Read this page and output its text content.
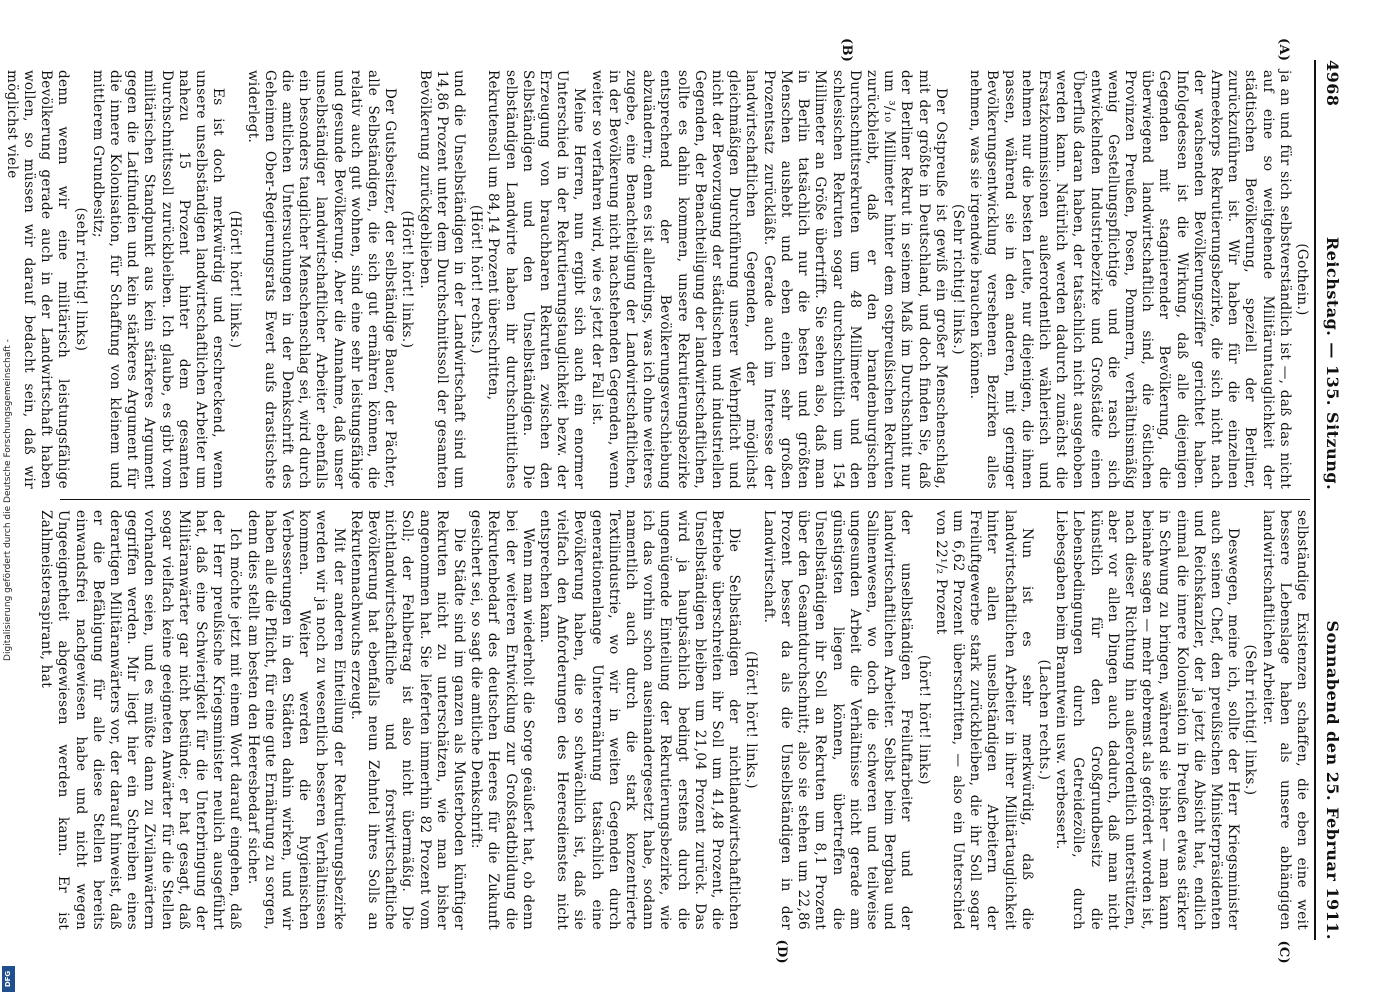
Digitalisierung gefördert durch die Deutsche Forschungsgemeinschaft -
DFG
4968
Reichstag. — 135. Sitzung.
Sonnabend den 25. Februar 1911.
(A)
(B)

(Gothein.)

ja an und für sich selbstverständlich ist —, daß das nicht auf eine so weitgehende Militäruntauglichkeit der städtischen Bevölkerung, speziell der Berliner, zurückzuführen ist. Wir haben für die einzelnen Armeekorps Rekrutierungsbezirke, die sich nicht nach der wachsenden Bevölkerungsziffer gerichtet haben. Infolgedessen ist die Wirkung, daß alle diejenigen Gegenden mit stagnierender Bevölkerung, die überwiegend landwirtschaftlich sind, die östlichen Provinzen Preußen, Posen, Pommern, verhältnismäßig wenig Gestellungspflichtige und die rasch sich entwickelnden Industriebezirke und Großstädte einen Überfluß daran haben, der tatsächlich nicht ausgehoben werden kann. Natürlich werden dadurch zunächst die Ersatzkommissionen außerordentlich wählerisch und nehmen nur die besten Leute, nur diejenigen, die ihnen passen, während sie in den anderen, mit geringer Bevölkerungsentwicklung versehenen Bezirken alles nehmen, was sie irgendwie brauchen können.

(Sehr richtig! links.)

Der Ostpreuße ist gewiß ein großer Menschenschlag, mit der größte in Deutschland, und doch finden Sie, daß der Berliner Rekrut in seinem Maß im Durchschnitt nur um ³/₁₀ Millimeter hinter dem ostpreußischen Rekruten zurückbleibt, daß er den brandenburgischen Durchschnittsrekruten um 48 Millimeter und den schlesischen Rekruten sogar durchschnittlich um 154 Millimeter an Größe übertrifft. Sie sehen also, daß man in Berlin tatsächlich nur die besten und größten Menschen aushebt und eben einen sehr großen Prozentsatz zurückläßt. Gerade auch im Interesse der landwirtschaftlichen Gegenden, der möglichst gleichmäßigen Durchführung unserer Wehrpflicht und nicht der Bevorzugung der städtischen und industriellen Gegenden, der Benachteiligung der landwirtschaftlichen, sollte es dahin kommen, unsere Rekrutierungsbezirke entsprechend der Bevölkerungsverschiebung abzuändern; denn es ist allerdings, was ich ohne weiteres zugebe, eine Benachteiligung der Landwirtschaftlichen, in der Bevölkerung nicht nachstehenden Gegenden, wenn weiter so verfahren wird, wie es jetzt der Fall ist.

Meine Herren, nun ergibt sich auch ein enormer Unterschied in der Rekrutierungstauglichkeit bezw. der Erzeugung von brauchbaren Rekruten zwischen den Selbständigen und den Unselbständigen. Die selbständigen Landwirte haben ihr durchschnittliches Rekrutensoll um 84,14 Prozent überschritten,

(Hört! hört! rechts.)

und die Unselbständigen in der Landwirtschaft sind um 14,86 Prozent unter dem Durchschnittssoll der gesamten Bevölkerung zurückgeblieben.

(Hört! hört! links.)

Der Gutsbesitzer, der selbständige Bauer, der Pächter, alle Selbständigen, die sich gut ernähren können, die relativ auch gut wohnen, sind eine sehr leistungsfähige und gesunde Bevölkerung. Aber die Annahme, daß unser unselbständiger landwirtschaftlicher Arbeiter ebenfalls ein besonders tauglicher Menschenschlag sei, wird durch die amtlichen Untersuchungen in der Denkschrift des Geheimen Ober-Regierungsrats Ewert aufs drastischste widerlegt.

(Hört! hört! links.)

Es ist doch merkwürdig und erschreckend, wenn unsere unselbständigen landwirtschaftlichen Arbeiter um nahezu 15 Prozent hinter dem gesamten Durchschnittssoll zurückbleiben. Ich glaube, es gibt vom militärischen Standpunkt aus kein stärkeres Argument gegen die Latifundien und kein stärkeres Argument für die innere Kolonisation, für Schaffung von kleinem und mittlerem Grundbesitz;

(sehr richtig! links)

denn wenn wir eine militärisch leistungsfähige Bevölkerung gerade auch in der Landwirtschaft haben wollen, so müssen wir darauf bedacht sein, daß wir möglichst viele

(C)
(D)

selbständige Existenzen schaffen, die eben eine weit bessere Lebenslage haben als unsere abhängigen landwirtschaftlichen Arbeiter.

(Sehr richtig! links.)

Deswegen, meine ich, sollte der Herr Kriegsminister auch seinen Chef, den preußischen Ministerpräsidenten und Reichskanzler, der ja jetzt die Absicht hat, endlich einmal die innere Kolonisation in Preußen etwas stärker in Schwung zu bringen, während sie bisher — man kann beinahe sagen — mehr gebremst als gefördert worden ist, nach dieser Richtung hin außerordentlich unterstützen, aber vor allen Dingen auch dadurch, daß man nicht künstlich für den Großgrundbesitz die Lebensbedingungen durch Getreidezölle, durch Liebesgaben beim Branntwein usw. verbessert.

(Lachen rechts.)

Nun ist es sehr merkwürdig, daß die landwirtschaftlichen Arbeiter in ihrer Militärtauglichkeit hinter allen unselbständigen Arbeitern der Freiluftgewerbe stark zurückbleiben, die ihr Soll sogar um 6,62 Prozent überschritten, — also ein Unterschied von 22¹/₂ Prozent

(hört! hört! links)

der unselbständigen Freiluftarbeiter und der landwirtschaftlichen Arbeiter. Selbst beim Bergbau und Salinenwesen, wo doch die schweren und teilweise ungesunden Arbeit die Verhältnisse nicht gerade am günstigsten liegen können, übertreffen die Unselbständigen ihr Soll an Rekruten um 8,1 Prozent über den Gesamtdurchschnitt; also sie stehen um 22,86 Prozent besser da als die Unselbständigen in der Landwirtschaft.

(Hört! hört! links.)

Die Selbständigen der nichtlandwirtschaftlichen Betriebe überschreiten ihr Soll um 41,48 Prozent, die Unselbständigen bleiben um 21,04 Prozent zurück. Das wird ja hauptsächlich bedingt erstens durch die ungenügende Einteilung der Rekrutierungsbezirke, wie ich das vorhin schon auseinandergesetzt habe, sodann namentlich auch durch die stark konzentrierte Textilindustrie, wo wir in weiten Gegenden durch generationenlange Unterernährung tatsächlich eine Bevölkerung haben, die so schwächlich ist, daß sie vielfach den Anforderungen des Heeresdienstes nicht entsprechen kann.

Wenn man wiederholt die Sorge geäußert hat, ob denn bei der weiteren Entwicklung zur Großstadtbildung die Rekrutenbedarf des deutschen Heeres für die Zukunft gesichert sei, so sagt die amtliche Denkschrift:

Die Städte sind im ganzen als Musterboden künftiger Rekruten nicht zu unterschätzen, wie man bisher angenommen hat. Sie lieferten immerhin 82 Prozent vom Soll; der Fehlbetrag ist also nicht übermäßig. Die nichtlandwirtschaftliche und forstwirtschaftliche Bevölkerung hat ebenfalls neun Zehntel ihres Solls an Rekrutennachwuchs erzeugt.

Mit der anderen Einteilung der Rekrutierungsbezirke werden wir ja noch zu wesentlich besseren Verhältnissen kommen. Weiter werden die hygienischen Verbesserungen in den Städten dahin wirken, und wir haben alle die Pflicht, für eine gute Ernährung zu sorgen, denn dies stellt am besten den Heeresbedarf sicher.

Ich möchte jetzt mit einem Wort darauf eingehen, daß der Herr preußische Kriegsminister neulich ausgeführt hat, daß eine Schwierigkeit für die Unterbringung der Militäranwärter gar nicht bestünde; er hat gesagt, daß sogar vielfach keine geeigneten Anwärter für die Stellen vorhanden seien, und es müßte dann zu Zivilanwärtern gegriffen werden. Mir liegt hier ein Schreiben eines derartigen Militäranwärters vor, der darauf hinweist, daß er die Befähigung für alle diese Stellen bereits einwandsfrei nachgewiesen habe und nicht wegen Ungeeignetheit abgewiesen werden kann. Er ist Zahlmeisteraspirant, hat
